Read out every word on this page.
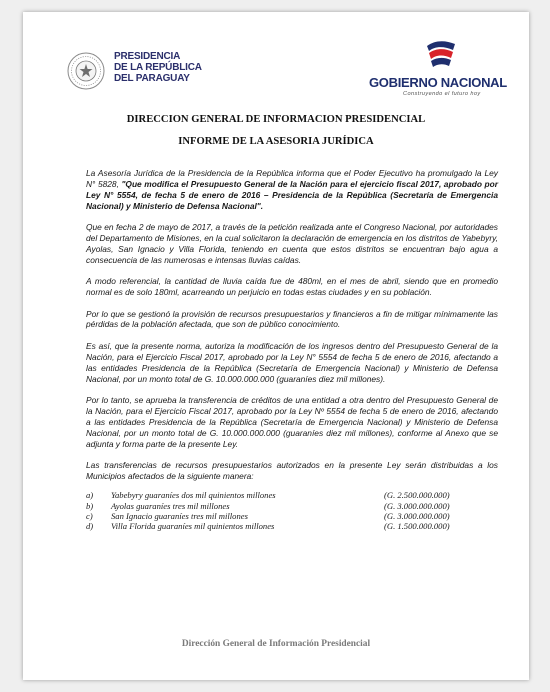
PRESIDENCIA
DE LA REPÚBLICA
DEL PARAGUAY	GOBIERNO NACIONAL
Construyendo el futuro hoy
DIRECCION GENERAL DE INFORMACION PRESIDENCIAL
INFORME DE LA ASESORIA JURÍDICA

La Asesoría Jurídica de la Presidencia de la República informa que el Poder Ejecutivo ha promulgado la Ley N° 5828, "Que modifica el Presupuesto General de la Nación para el ejercicio fiscal 2017, aprobado por Ley N° 5554, de fecha 5 de enero de 2016 – Presidencia de la República (Secretaría de Emergencia Nacional) y Ministerio de Defensa Nacional".

Que en fecha 2 de mayo de 2017, a través de la petición realizada ante el Congreso Nacional, por autoridades del Departamento de Misiones, en la cual solicitaron la declaración de emergencia en los distritos de Yabebyry, Ayolas, San Ignacio y Villa Florida, teniendo en cuenta que estos distritos se encuentran bajo agua a consecuencia de las numerosas e intensas lluvias caídas.

A modo referencial, la cantidad de lluvia caída fue de 480ml, en el mes de abril, siendo que en promedio normal es de solo 180ml, acarreando un perjuicio en todas estas ciudades y en su población.

Por lo que se gestionó la provisión de recursos presupuestarios y financieros a fin de mitigar mínimamente las pérdidas de la población afectada, que son de público conocimiento.

Es así, que la presente norma, autoriza la modificación de los ingresos dentro del Presupuesto General de la Nación, para el Ejercicio Fiscal 2017, aprobado por la Ley N° 5554 de fecha 5 de enero de 2016, afectando a las entidades Presidencia de la República (Secretaría de Emergencia Nacional) y Ministerio de Defensa Nacional, por un monto total de G. 10.000.000.000 (guaraníes diez mil millones).

Por lo tanto, se aprueba la transferencia de créditos de una entidad a otra dentro del Presupuesto General de la Nación, para el Ejercicio Fiscal 2017, aprobado por la Ley Nº 5554 de fecha 5 de enero de 2016, afectando a las entidades Presidencia de la República (Secretaría de Emergencia Nacional) y Ministerio de Defensa Nacional, por un monto total de G. 10.000.000.000 (guaraníes diez mil millones), conforme al Anexo que se adjunta y forma parte de la presente Ley.

Las transferencias de recursos presupuestarios autorizados en la presente Ley serán distribuidas a los Municipios afectados de la siguiente manera:

a) Yabebyry guaraníes dos mil quinientos millones	(G. 2.500.000.000)
b) Ayolas guaraníes tres mil millones	(G. 3.000.000.000)
c) San Ignacio guaraníes tres mil millones	(G. 3.000.000.000)
d) Villa Florida guaraníes mil quinientos millones	(G. 1.500.000.000)
Dirección General de Información Presidencial
